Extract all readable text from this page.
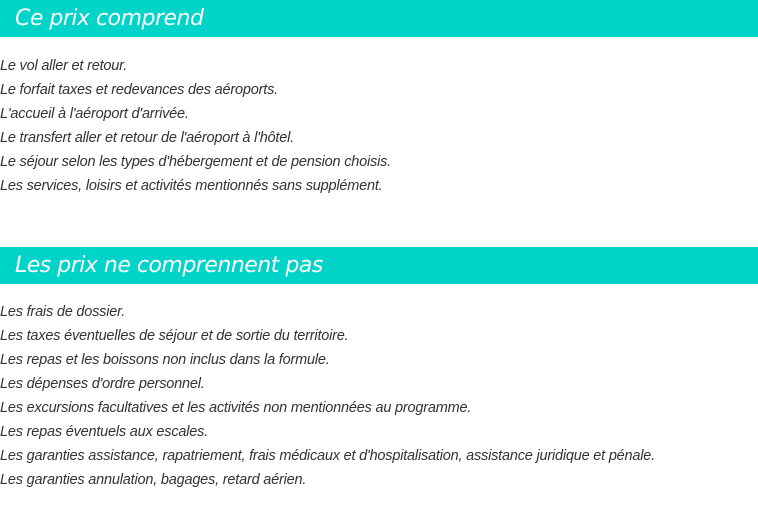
Ce prix comprend
Le vol aller et retour.
Le forfait taxes et redevances des aéroports.
L'accueil à l'aéroport d'arrivée.
Le transfert aller et retour de l'aéroport à l'hôtel.
Le séjour selon les types d'hébergement et de pension choisis.
Les services, loisirs et activités mentionnés sans supplément.
Les prix ne comprennent pas
Les frais de dossier.
Les taxes éventuelles de séjour et de sortie du territoire.
Les repas et les boissons non inclus dans la formule.
Les dépenses d'ordre personnel.
Les excursions facultatives et les activités non mentionnées au programme.
Les repas éventuels aux escales.
Les garanties assistance, rapatriement, frais médicaux et d'hospitalisation, assistance juridique et pénale.
Les garanties annulation, bagages, retard aérien.
